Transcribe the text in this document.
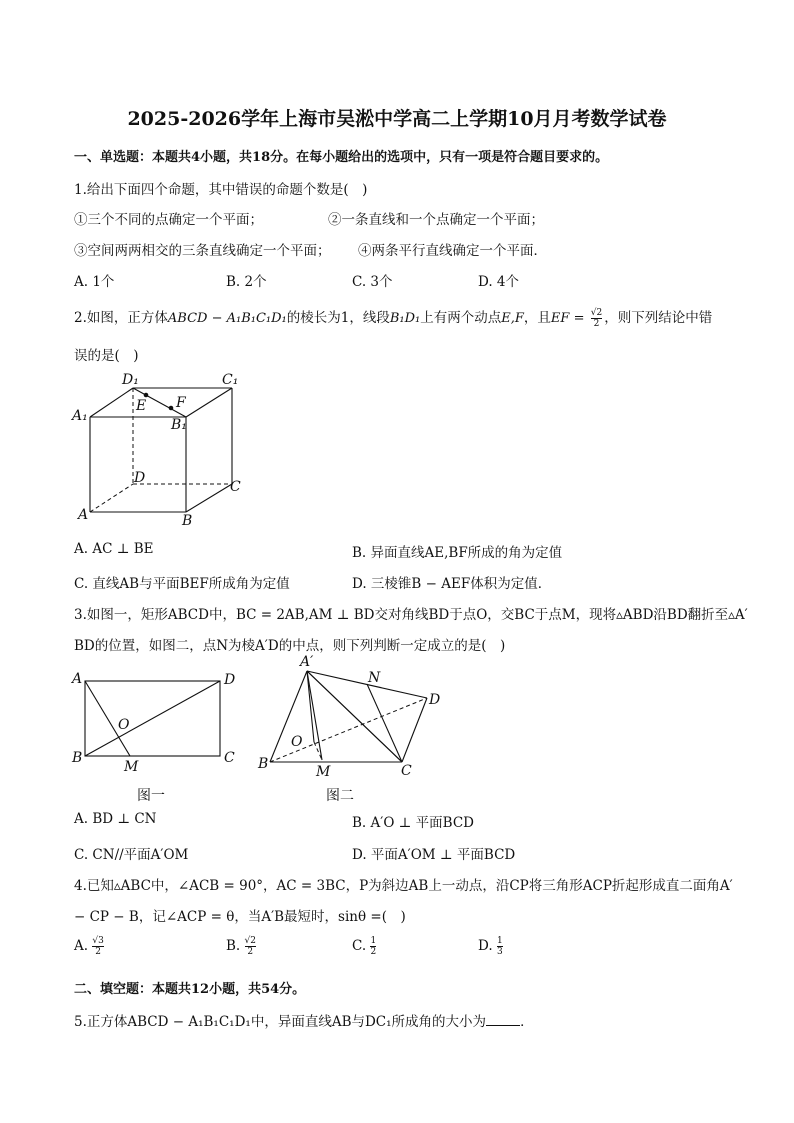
2025-2026学年上海市吴淞中学高二上学期10月月考数学试卷
一、单选题：本题共4小题，共18分。在每小题给出的选项中，只有一项是符合题目要求的。
1.给出下面四个命题，其中错误的命题个数是(　)
①三个不同的点确定一个平面；	②一条直线和一个点确定一个平面；
③空间两两相交的三条直线确定一个平面； ④两条平行直线确定一个平面．
A. 1个	B. 2个	C. 3个	D. 4个
2.如图，正方体ABCD − A₁B₁C₁D₁的棱长为1，线段B₁D₁上有两个动点E,F，且EF = $\frac{√2}{2}$ ，则下列结论中错
误的是(　)
D₁	C₁
A₁
B₁
E F
D
C
A	B
A. AC ⊥ BE	B. 异面直线AE,BF所成的角为定值
C. 直线AB与平面BEF所成角为定值	D. 三棱锥B − AEF体积为定值．
3.如图一，矩形ABCD中，BC = 2AB,AM ⊥ BD交对角线BD于点O，交BC于点M，现将▵ABD沿BD翻折至▵A′
BD的位置，如图二，点N为棱A′D的中点，则下列判断一定成立的是(　)
A	D
O
B
M
C
图一
A′
N
D
O
B	M	C
图二
A. BD ⊥ CN	B. A′O ⊥ 平面BCD
C. CN//平面A′OM	D. 平面A′OM ⊥ 平面BCD
4.已知▵ABC中，∠ACB = 90°，AC = 3BC，P为斜边AB上一动点，沿CP将三角形ACP折起形成直二面角A′
− CP − B，记∠ACP = θ，当A′B最短时，sinθ =(　)
A. $\frac{√3}{2}$	B. $\frac{√2}{2}$	C. $\frac{1}{2}$	D. $\frac{1}{3}$
二、填空题：本题共12小题，共54分。
5.正方体ABCD − A₁B₁C₁D₁中，异面直线AB与DC₁所成角的大小为	．
